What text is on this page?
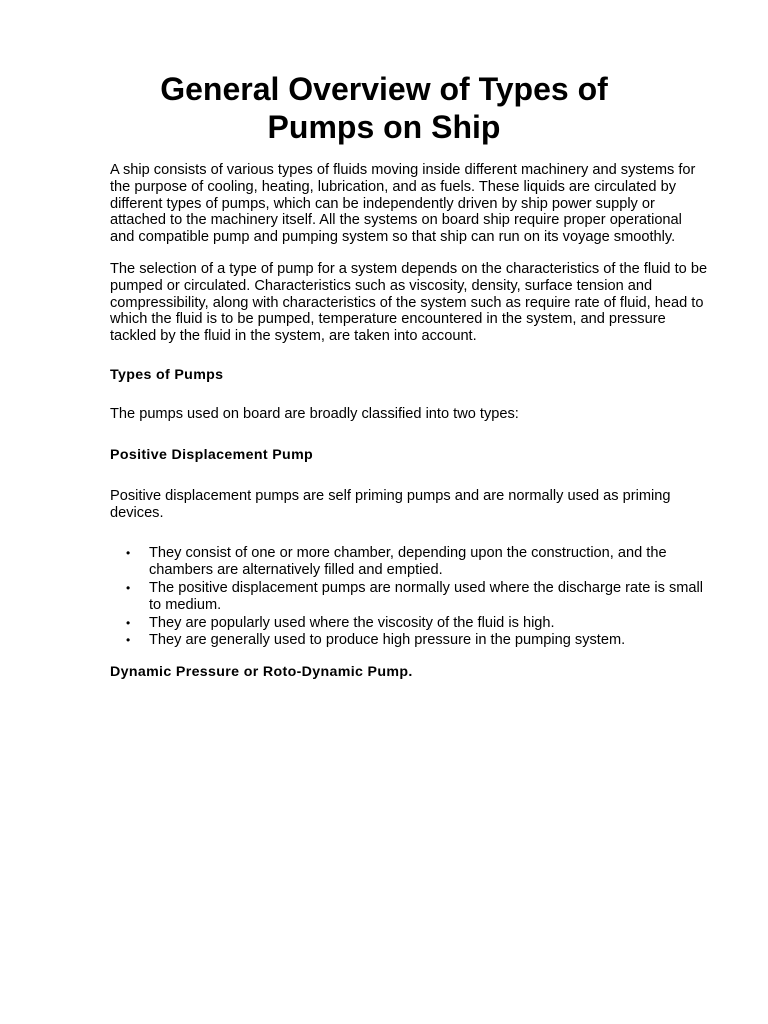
General Overview of Types of
Pumps on Ship

A ship consists of various types of fluids moving inside different machinery and systems for the purpose of cooling, heating, lubrication, and as fuels. These liquids are circulated by different types of pumps, which can be independently driven by ship power supply or attached to the machinery itself. All the systems on board ship require proper operational and compatible pump and pumping system so that ship can run on its voyage smoothly.

The selection of a type of pump for a system depends on the characteristics of the fluid to be pumped or circulated. Characteristics such as viscosity, density, surface tension and compressibility, along with characteristics of the system such as require rate of fluid, head to which the fluid is to be pumped, temperature encountered in the system, and pressure tackled by the fluid in the system, are taken into account.

Types of Pumps

The pumps used on board are broadly classified into two types:

Positive Displacement Pump

Positive displacement pumps are self priming pumps and are normally used as priming devices.

• They consist of one or more chamber, depending upon the construction, and the chambers are alternatively filled and emptied.
• The positive displacement pumps are normally used where the discharge rate is small to medium.
• They are popularly used where the viscosity of the fluid is high.
• They are generally used to produce high pressure in the pumping system.

Dynamic Pressure or Roto-Dynamic Pump.
